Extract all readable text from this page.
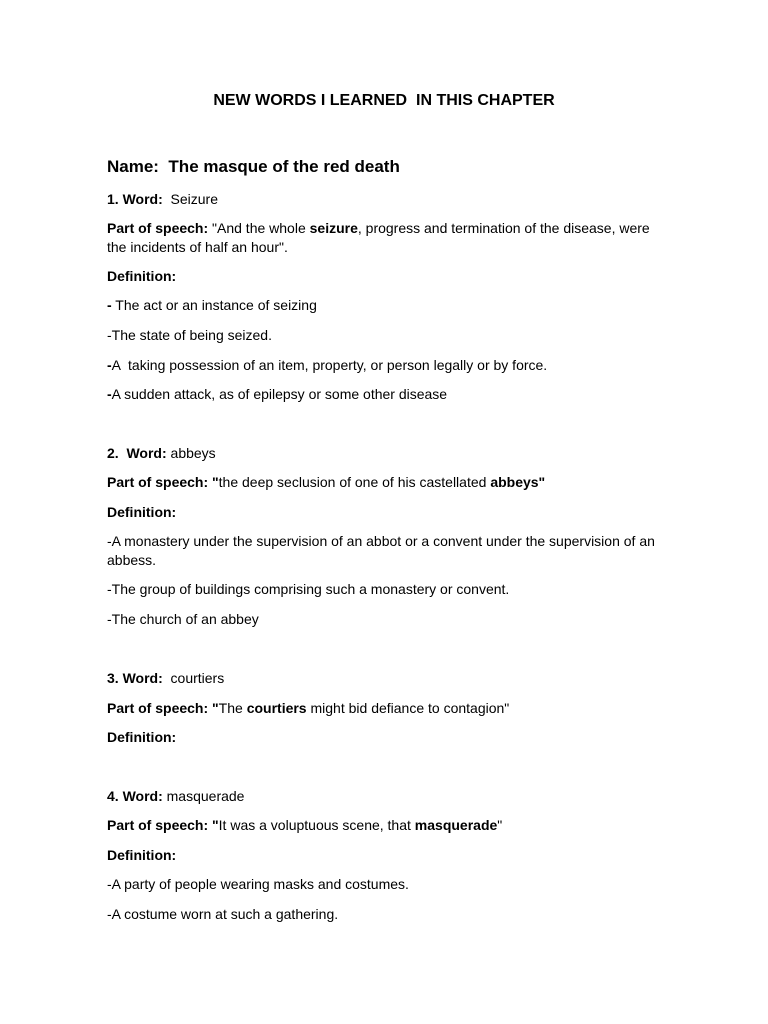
NEW WORDS I LEARNED  IN THIS CHAPTER
Name: The masque of the red death
1. Word: Seizure
Part of speech: "And the whole seizure, progress and termination of the disease, were the incidents of half an hour".
Definition:
- The act or an instance of seizing
-The state of being seized.
-A  taking possession of an item, property, or person legally or by force.
-A sudden attack, as of epilepsy or some other disease
2.  Word: abbeys
Part of speech: "the deep seclusion of one of his castellated abbeys"
Definition:
-A monastery under the supervision of an abbot or a convent under the supervision of an abbess.
-The group of buildings comprising such a monastery or convent.
-The church of an abbey
3. Word: courtiers
Part of speech: "The courtiers might bid defiance to contagion"
Definition:
4. Word: masquerade
Part of speech: "It was a voluptuous scene, that masquerade"
Definition:
-A party of people wearing masks and costumes.
-A costume worn at such a gathering.
